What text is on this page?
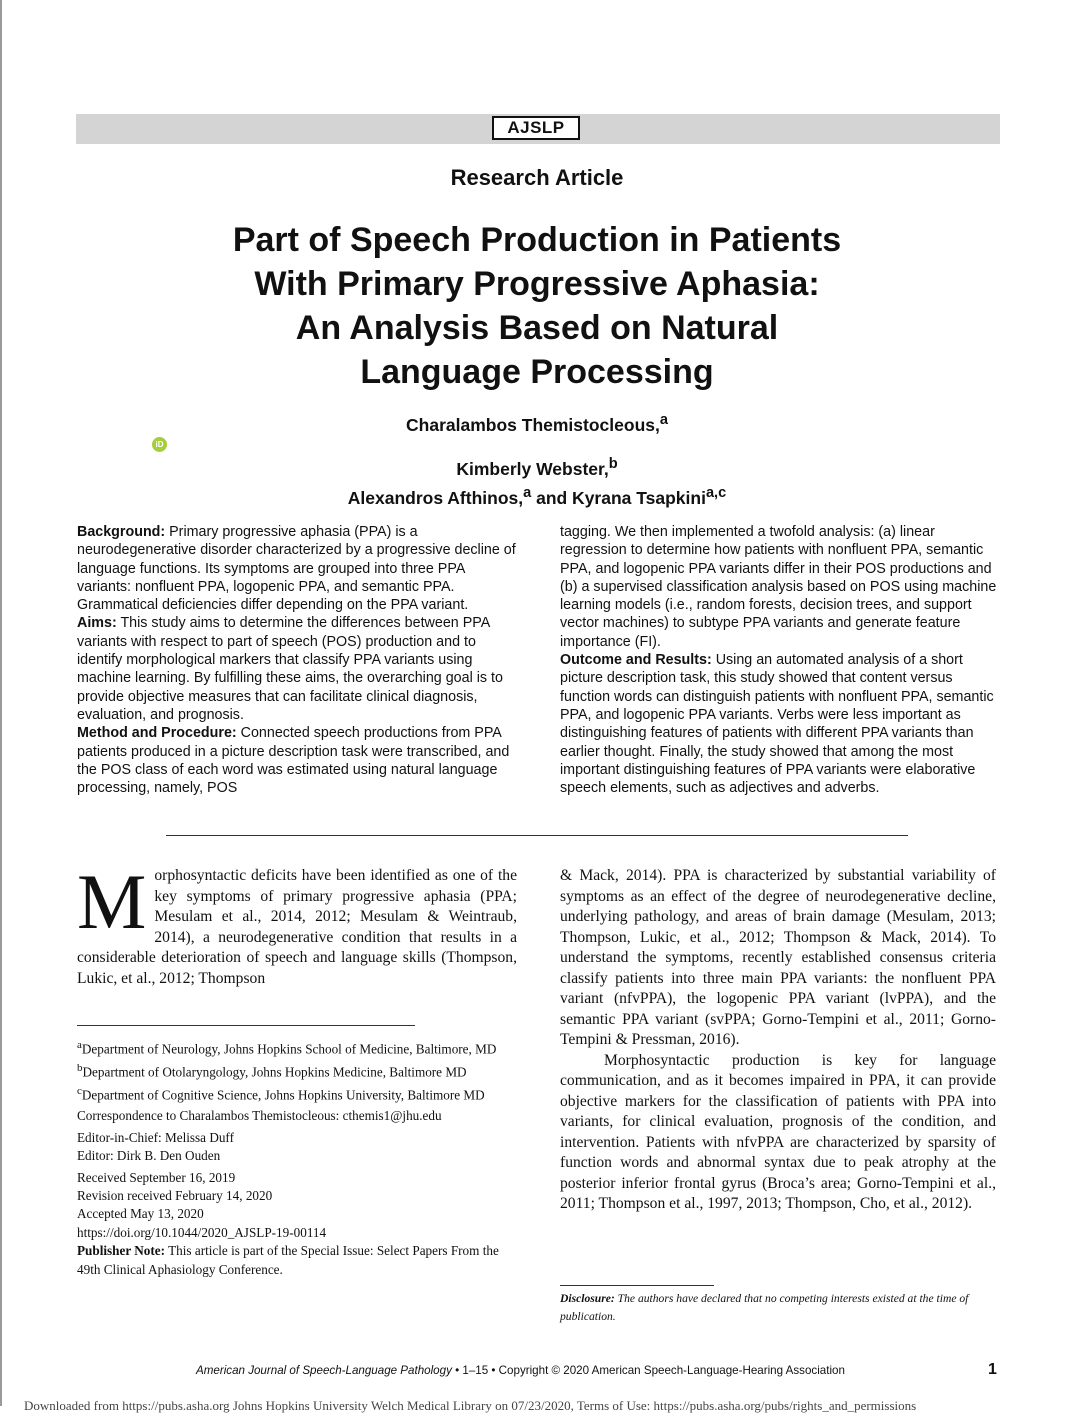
AJSLP
Research Article
Part of Speech Production in Patients
With Primary Progressive Aphasia:
An Analysis Based on Natural
Language Processing
Charalambos Themistocleous,$^a$
iD
Kimberly Webster,$^b$
Alexandros Afthinos,$^a$ and Kyrana Tsapkini$^{a,c}$

Background: Primary progressive aphasia (PPA) is a neurodegenerative disorder characterized by a progressive decline of language functions. Its symptoms are grouped into three PPA variants: nonfluent PPA, logopenic PPA, and semantic PPA. Grammatical deficiencies differ depending on the PPA variant.

Aims: This study aims to determine the differences between PPA variants with respect to part of speech (POS) production and to identify morphological markers that classify PPA variants using machine learning. By fulfilling these aims, the overarching goal is to provide objective measures that can facilitate clinical diagnosis, evaluation, and prognosis.

Method and Procedure: Connected speech productions from PPA patients produced in a picture description task were transcribed, and the POS class of each word was estimated using natural language processing, namely, POS

tagging. We then implemented a twofold analysis: (a) linear regression to determine how patients with nonfluent PPA, semantic PPA, and logopenic PPA variants differ in their POS productions and (b) a supervised classification analysis based on POS using machine learning models (i.e., random forests, decision trees, and support vector machines) to subtype PPA variants and generate feature importance (FI).

Outcome and Results: Using an automated analysis of a short picture description task, this study showed that content versus function words can distinguish patients with nonfluent PPA, semantic PPA, and logopenic PPA variants. Verbs were less important as distinguishing features of patients with different PPA variants than earlier thought. Finally, the study showed that among the most important distinguishing features of PPA variants were elaborative speech elements, such as adjectives and adverbs.

Morphosyntactic deficits have been identified as one of the key symptoms of primary progressive aphasia (PPA; Mesulam et al., 2014, 2012; Mesulam & Weintraub, 2014), a neurodegenerative condition that results in a considerable deterioration of speech and language skills (Thompson, Lukic, et al., 2012; Thompson

$^a$Department of Neurology, Johns Hopkins School of Medicine, Baltimore, MD

$^b$Department of Otolaryngology, Johns Hopkins Medicine, Baltimore MD

$^c$Department of Cognitive Science, Johns Hopkins University, Baltimore MD

Correspondence to Charalambos Themistocleous: cthemis1@jhu.edu

Editor-in-Chief: Melissa Duff

Editor: Dirk B. Den Ouden

Received September 16, 2019

Revision received February 14, 2020

Accepted May 13, 2020

https://doi.org/10.1044/2020_AJSLP-19-00114

Publisher Note: This article is part of the Special Issue: Select Papers From the 49th Clinical Aphasiology Conference.

& Mack, 2014). PPA is characterized by substantial variability of symptoms as an effect of the degree of neurodegenerative decline, underlying pathology, and areas of brain damage (Mesulam, 2013; Thompson, Lukic, et al., 2012; Thompson & Mack, 2014). To understand the symptoms, recently established consensus criteria classify patients into three main PPA variants: the nonfluent PPA variant (nfvPPA), the logopenic PPA variant (lvPPA), and the semantic PPA variant (svPPA; Gorno-Tempini et al., 2011; Gorno-Tempini & Pressman, 2016).

Morphosyntactic production is key for language communication, and as it becomes impaired in PPA, it can provide objective markers for the classification of patients with PPA into variants, for clinical evaluation, prognosis of the condition, and intervention. Patients with nfvPPA are characterized by sparsity of function words and abnormal syntax due to peak atrophy at the posterior inferior frontal gyrus (Broca’s area; Gorno-Tempini et al., 2011; Thompson et al., 1997, 2013; Thompson, Cho, et al., 2012).

Disclosure: The authors have declared that no competing interests existed at the time of publication.
American Journal of Speech-Language Pathology • 1–15 • Copyright © 2020 American Speech-Language-Hearing Association	1
Downloaded from https://pubs.asha.org Johns Hopkins University Welch Medical Library on 07/23/2020, Terms of Use: https://pubs.asha.org/pubs/rights_and_permissions
